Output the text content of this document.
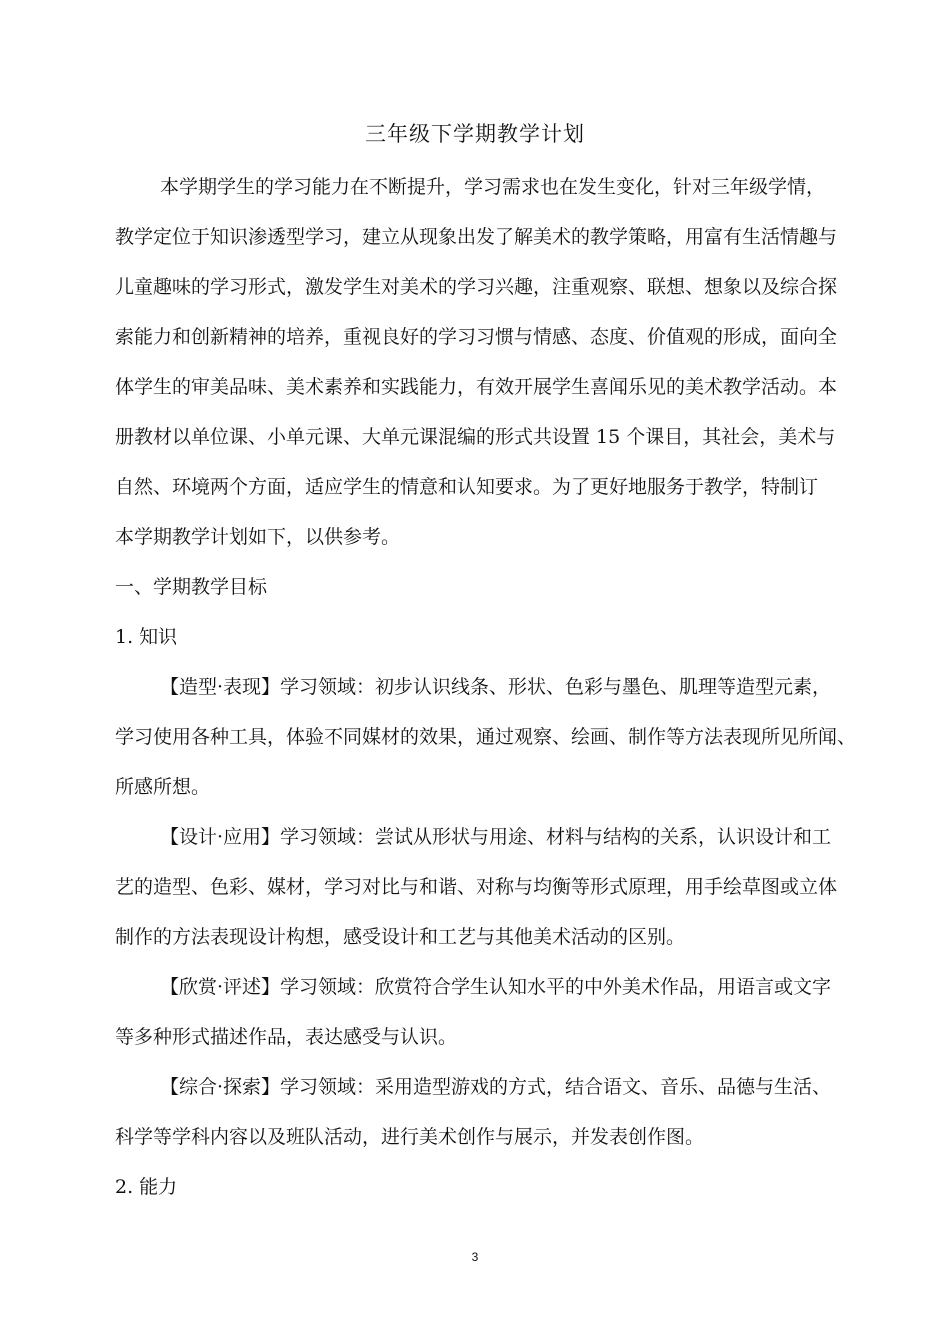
三年级下学期教学计划
本学期学生的学习能力在不断提升，学习需求也在发生变化，针对三年级学情，
教学定位于知识渗透型学习，建立从现象出发了解美术的教学策略，用富有生活情趣与
儿童趣味的学习形式，激发学生对美术的学习兴趣，注重观察、联想、想象以及综合探
索能力和创新精神的培养，重视良好的学习习惯与情感、态度、价值观的形成，面向全
体学生的审美品味、美术素养和实践能力，有效开展学生喜闻乐见的美术教学活动。本
册教材以单位课、小单元课、大单元课混编的形式共设置 15 个课目，其社会，美术与
自然、环境两个方面，适应学生的情意和认知要求。为了更好地服务于教学，特制订
本学期教学计划如下，以供参考。
一、学期教学目标
1. 知识
【造型·表现】学习领域：初步认识线条、形状、色彩与墨色、肌理等造型元素，
学习使用各种工具，体验不同媒材的效果，通过观察、绘画、制作等方法表现所见所闻、
所感所想。
【设计·应用】学习领域：尝试从形状与用途、材料与结构的关系，认识设计和工
艺的造型、色彩、媒材，学习对比与和谐、对称与均衡等形式原理，用手绘草图或立体
制作的方法表现设计构想，感受设计和工艺与其他美术活动的区别。
【欣赏·评述】学习领域：欣赏符合学生认知水平的中外美术作品，用语言或文字
等多种形式描述作品，表达感受与认识。
【综合·探索】学习领域：采用造型游戏的方式，结合语文、音乐、品德与生活、
科学等学科内容以及班队活动，进行美术创作与展示，并发表创作图。
2. 能力
3
